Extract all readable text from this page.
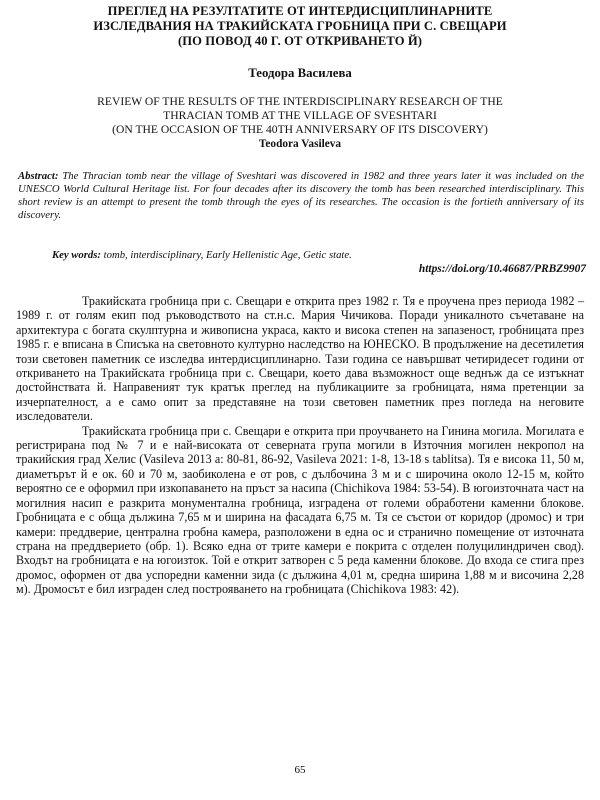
ПРЕГЛЕД НА РЕЗУЛТАТИТЕ ОТ ИНТЕРДИСЦИПЛИНАРНИТЕ
ИЗСЛЕДВАНИЯ НА ТРАКИЙСКАТА ГРОБНИЦА ПРИ С. СВЕЩАРИ
(ПО ПОВОД 40 Г. ОТ ОТКРИВАНЕТО Й)
Теодора Василева
REVIEW OF THE RESULTS OF THE INTERDISCIPLINARY RESEARCH OF THE
THRACIAN TOMB AT THE VILLAGE OF SVESHTARI
(ON THE OCCASION OF THE 40TH ANNIVERSARY OF ITS DISCOVERY)
Teodora Vasileva
Abstract: The Thracian tomb near the village of Sveshtari was discovered in 1982 and three years later it was included on the UNESCO World Cultural Heritage list. For four decades after its discovery the tomb has been researched interdisciplinary. This short review is an attempt to present the tomb through the eyes of its researches. The occasion is the fortieth anniversary of its discovery.
Key words: tomb, interdisciplinary, Early Hellenistic Age, Getic state.
https://doi.org/10.46687/PRBZ9907

Тракийската гробница при с. Свещари е открита през 1982 г. Тя е проучена през периода 1982 – 1989 г. от голям екип под ръководството на ст.н.с. Мария Чичикова. Поради уникалното съчетаване на архитектура с богата скулптурна и живописна украса, както и висока степен на запазеност, гробницата през 1985 г. е вписана в Списъка на световното културно наследство на ЮНЕСКО. В продължение на десетилетия този световен паметник се изследва интердисциплинарно. Тази година се навършват четиридесет години от откриването на Тракийската гробница при с. Свещари, което дава възможност още веднъж да се изтъкнат достойнствата й. Направеният тук кратък преглед на публикациите за гробницата, няма претенции за изчерпателност, а е само опит за представяне на този световен паметник през погледа на неговите изследователи.

Тракийската гробница при с. Свещари е открита при проучването на Гинина могила. Могилата е регистрирана под № 7 и е най-високата от северната група могили в Източния могилен некропол на тракийския град Хелис (Vasileva 2013 a: 80-81, 86-92, Vasileva 2021: 1-8, 13-18 s tablitsa). Тя е висока 11, 50 м, диаметърът й е ок. 60 и 70 м, заобиколена е от ров, с дълбочина 3 м и с широчина около 12-15 м, който вероятно се е оформил при изкопаването на пръст за насипа (Chichikova 1984: 53-54). В югоизточната част на могилния насип е разкрита монументална гробница, изградена от големи обработени каменни блокове. Гробницата е с обща дължина 7,65 м и ширина на фасадата 6,75 м. Тя се състои от коридор (дромос) и три камери: преддверие, централна гробна камера, разположени в една ос и странично помещение от източната страна на преддверието (обр. 1). Всяко една от трите камери е покрита с отделен полуцилиндричен свод). Входът на гробницата е на югоизток. Той е открит затворен с 5 реда каменни блокове. До входа се стига през дромос, оформен от два успоредни каменни зида (с дължина 4,01 м, средна ширина 1,88 м и височина 2,28 м). Дромосът е бил изграден след построяването на гробницата (Chichikova 1983: 42).

65
